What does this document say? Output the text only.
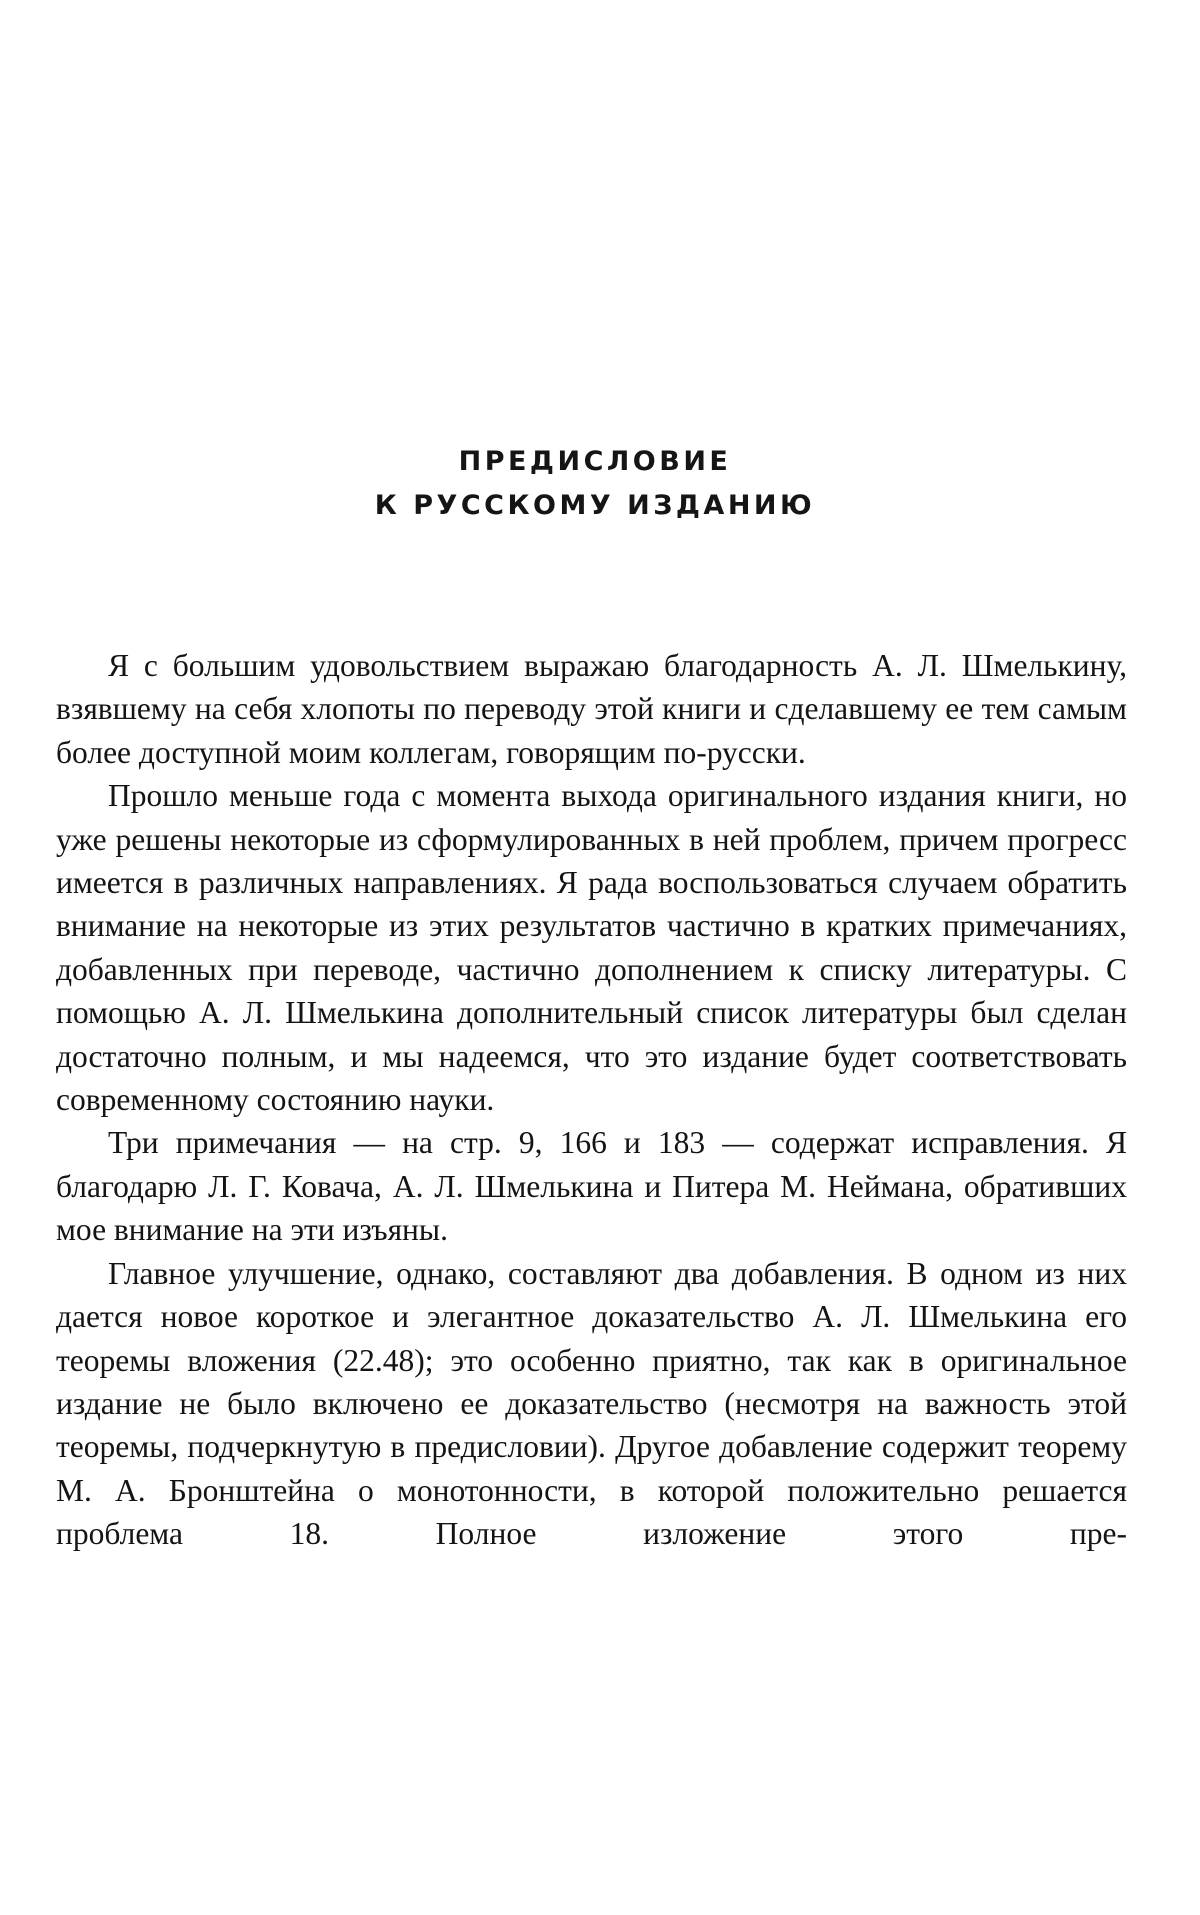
ПРЕДИСЛОВИЕ
К РУССКОМУ ИЗДАНИЮ

Я с большим удовольствием выражаю благодарность А. Л. Шмелькину, взявшему на себя хлопоты по переводу этой книги и сделавшему ее тем самым более доступной моим коллегам, говорящим по-русски.

Прошло меньше года с момента выхода оригинального издания книги, но уже решены некоторые из сформулированных в ней проблем, причем прогресс имеется в различных направлениях. Я рада воспользоваться случаем обратить внимание на некоторые из этих результатов частично в кратких примечаниях, добавленных при переводе, частично дополнением к списку литературы. С помощью А. Л. Шмелькина дополнительный список литературы был сделан достаточно полным, и мы надеемся, что это издание будет соответствовать современному состоянию науки.

Три примечания — на стр. 9, 166 и 183 — содержат исправления. Я благодарю Л. Г. Ковача, А. Л. Шмелькина и Питера М. Неймана, обративших мое внимание на эти изъяны.

Главное улучшение, однако, составляют два добавления. В одном из них дается новое короткое и элегантное доказательство А. Л. Шмелькина его теоремы вложения (22.48); это особенно приятно, так как в оригинальное издание не было включено ее доказательство (несмотря на важность этой теоремы, подчеркнутую в предисловии). Другое добавление содержит теорему М. А. Бронштейна о монотонности, в которой положительно решается проблема 18. Полное изложение этого пре-
